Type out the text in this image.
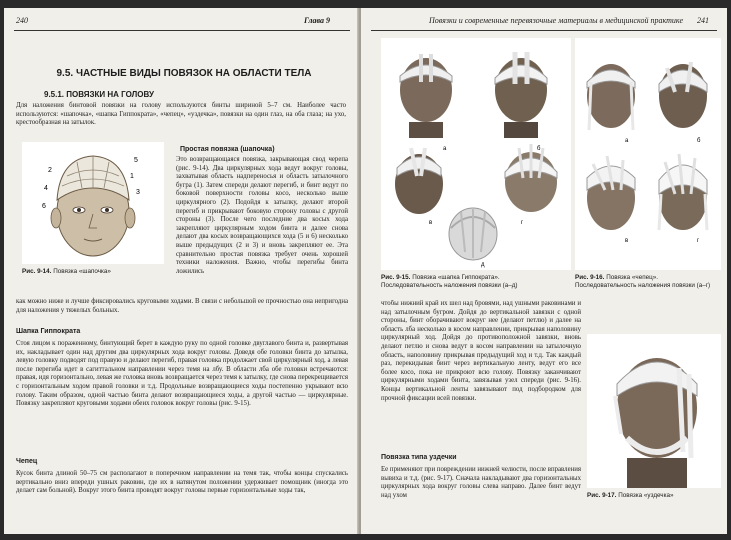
240	Глава 9
9.5. ЧАСТНЫЕ ВИДЫ ПОВЯЗОК НА ОБЛАСТИ ТЕЛА
9.5.1. ПОВЯЗКИ НА ГОЛОВУ
Для наложения бинтовой повязки на голову используются бинты шириной 5–7 см. Наиболее часто используются: «шапочка», «шапка Гиппократа», «чепец», «уздечка», повязки на один глаз, на оба глаза; на ухо, крестообразная на затылок.
1
2
3
4
5
6
Рис. 9-14. Повязка «шапочка»
Простая повязка (шапочка)
Это возвращающаяся повязка, закрывающая свод черепа (рис. 9-14). Два циркулярных хода ведут вокруг головы, захватывая область надпереносья и область затылочного бугра (1). Затем спереди делают перегиб, и бинт ведут по боковой поверхности головы косо, несколько выше циркулярного (2). Подойдя к затылку, делают второй перегиб и прикрывают боковую сторону головы с другой стороны (3). После чего последние два косых хода закрепляют циркулярным ходом бинта и далее снова делают два косых возвращающихся хода (5 и 6) несколько выше предыдущих (2 и 3) и вновь закрепляют ее. Эта сравнительно простая повязка требует очень хорошей техники наложения. Важно, чтобы перегибы бинта ложились
как можно ниже и лучше фиксировались круговыми ходами. В связи с небольшой ее прочностью она непригодна для наложения у тяжелых больных.
Шапка Гиппократа
Стоя лицом к пораженному, бинтующий берет в каждую руку по одной головке двуглавого бинта и, развертывая их, накладывает один над другим два циркулярных хода вокруг головы. Доведя обе головки бинта до затылка, левую головку подводят под правую и делают перегиб, правая головка продолжает свой циркулярный ход, а левая после перегиба идет в сагиттальном направлении через темя на лбу. В области лба обе головки встречаются: правая, идя горизонтально, левая же головка вновь возвращается через темя к затылку, где снова перекрещивается с горизонтальным ходом правой головки и т.д. Продольные возвращающиеся ходы постепенно укрывают всю голову. Таким образом, одной частью бинта делают возвращающиеся ходы, а другой частью — циркулярные. Повязку закрепляют круговыми ходами обеих головок вокруг головы (рис. 9-15).
Чепец
Кусок бинта длиной 50–75 см располагают в поперечном направлении на темя так, чтобы концы спускались вертикально вниз впереди ушных раковин, где их в натянутом положении удерживает помощник (иногда это делает сам больной). Вокруг этого бинта проводят вокруг головы первые горизонтальные ходы так,
Повязки и современные перевязочные материалы в медицинской практике 241
а	б
в	г
д
а	б
в	г
Рис. 9-15. Повязка «шапка Гиппократа». Последовательность наложения повязки (а–д)
Рис. 9-16. Повязка «чепец». Последовательность наложения повязки (а–г)
чтобы нижний край их шел над бровями, над ушными раковинами и над затылочным бугром. Дойдя до вертикальной завязки с одной стороны, бинт оборачивают вокруг нее (делают петлю) и далее на область лба несколько в косом направлении, прикрывая наполовину циркулярный ход. Дойдя до противоположной завязки, вновь делают петлю и снова ведут в косом направлении на затылочную область, наполовину прикрывая предыдущий ход и т.д. Так каждый раз, перекидывая бинт через вертикальную ленту, ведут его все более косо, пока не прикроют всю голову. Повязку заканчивают циркулярными ходами бинта, завязывая узел спереди (рис. 9-16). Концы вертикальной ленты завязывают под подбородком для прочной фиксации всей повязки.
Повязка типа уздечки
Ее применяют при повреждении нижней челюсти, после вправления вывиха и т.д. (рис. 9-17). Сначала накладывают два горизонтальных циркулярных хода вокруг головы слева направо. Далее бинт ведут над ухом	Рис. 9-17. Повязка «уздечка»
